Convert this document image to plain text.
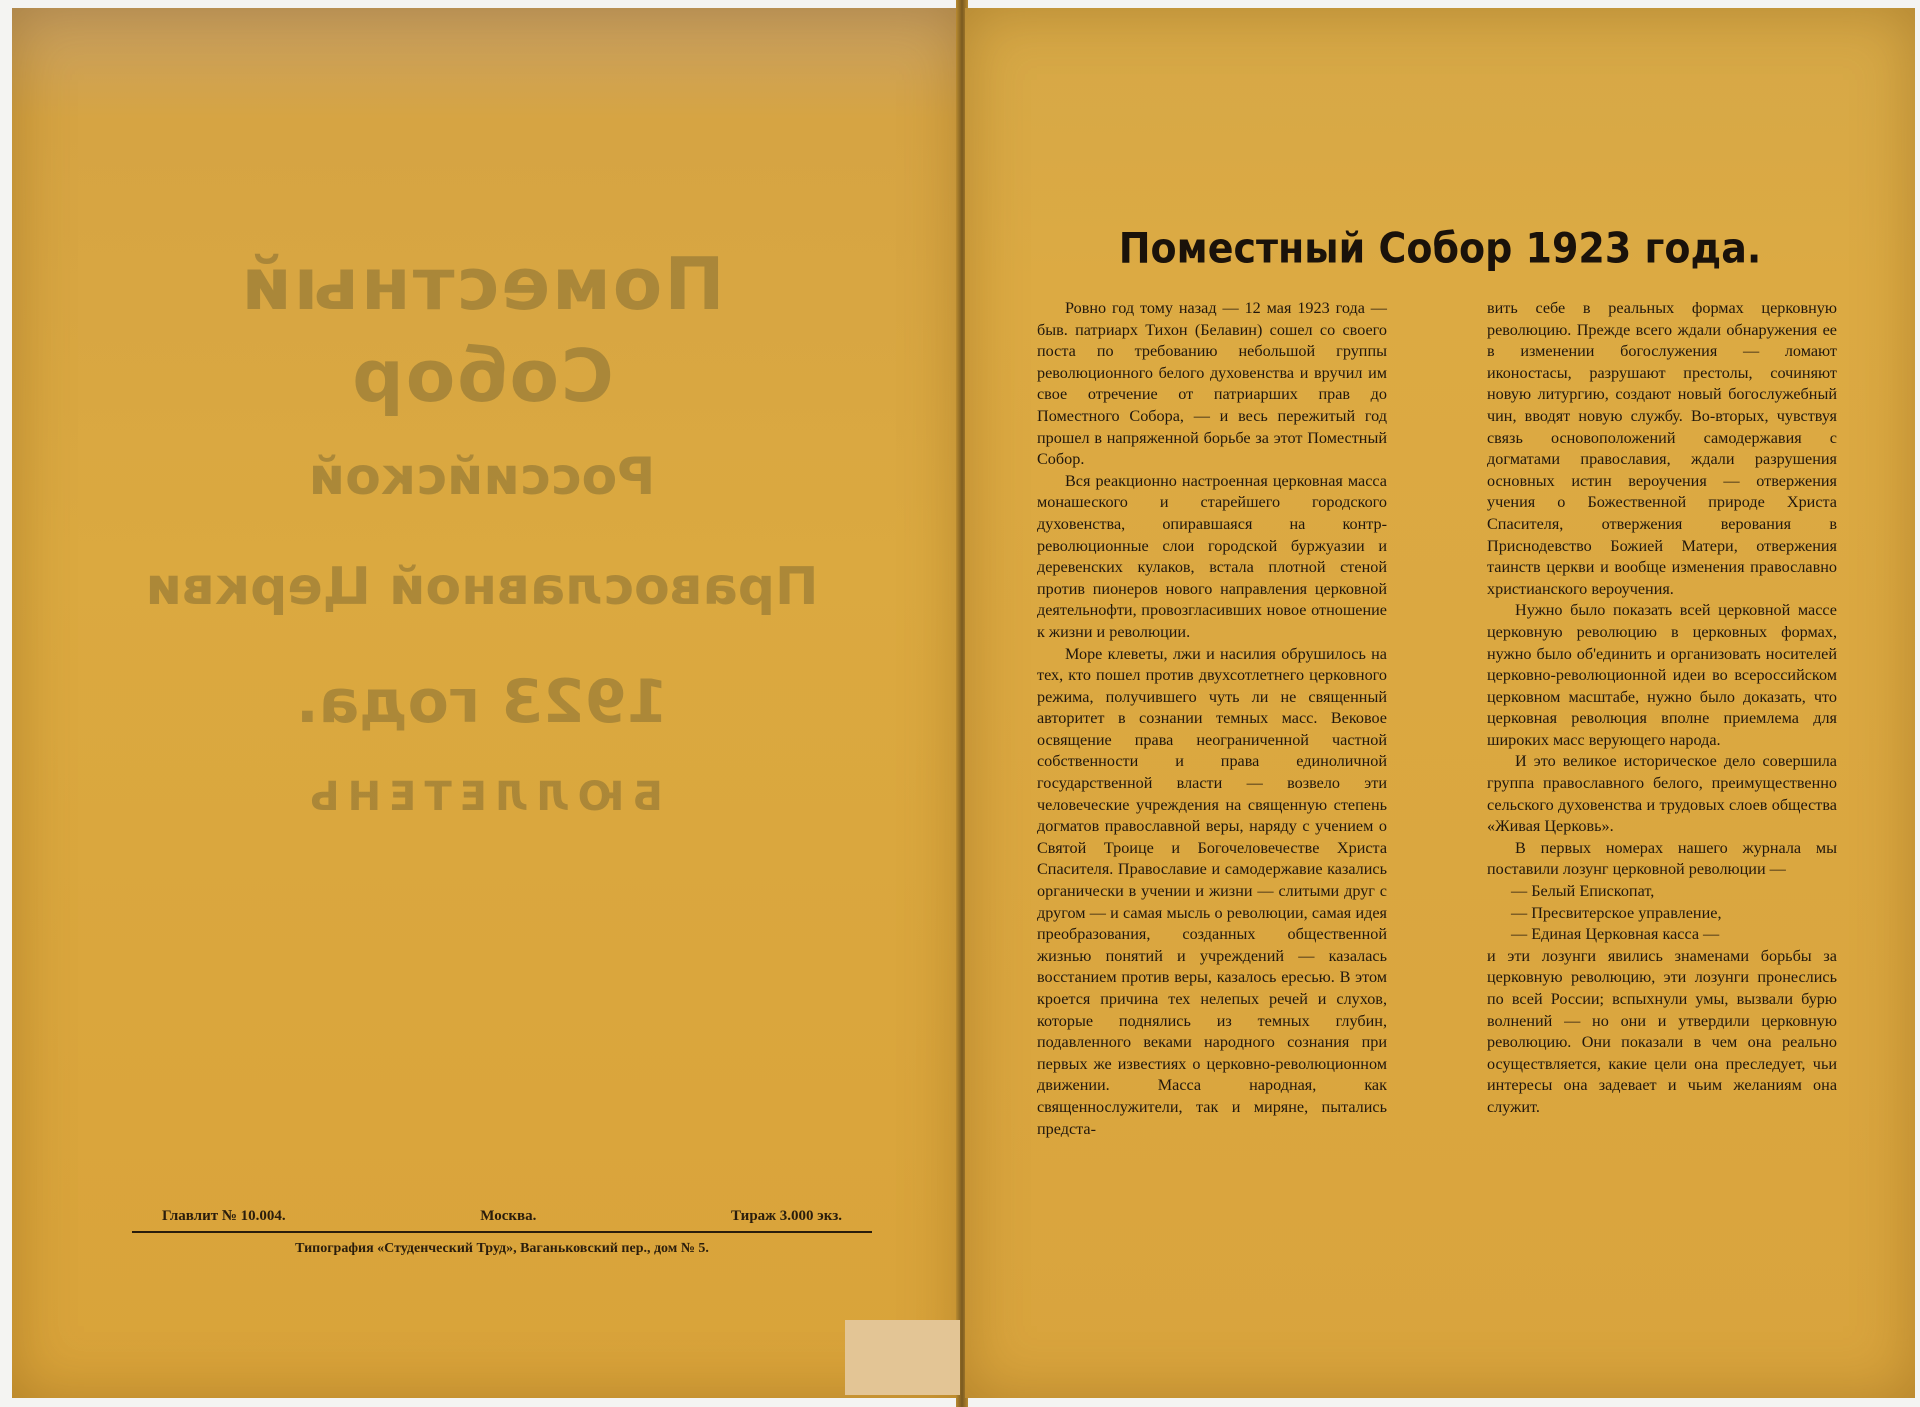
Поместный Собор
Российской Православной Церкви
1923 года.
БЮЛЛЕТЕНЬ
Главлит № 10.004.	Москва.	Тираж 3.000 экз.
Типография «Студенческий Труд», Ваганьковский пер., дом № 5.
Поместный Собор 1923 года.

Ровно год тому назад — 12 мая 1923 года — быв. патриарх Тихон (Белавин) сошел со своего поста по требованию небольшой группы революционного белого духовенства и вручил им свое отречение от патриарших прав до Поместного Собора, — и весь пережитый год прошел в напряженной борьбе за этот Поместный Собор.

Вся реакционно настроенная церковная масса монашеского и старейшего городского духовенства, опиравшаяся на контр-революционные слои городской буржуазии и деревенских кулаков, встала плотной стеной против пионеров нового направления церковной деятельнофти, провозгласивших новое отношение к жизни и революции.

Море клеветы, лжи и насилия обрушилось на тех, кто пошел против двухсотлетнего церковного режима, получившего чуть ли не священный авторитет в сознании темных масс. Вековое освящение права неограниченной частной собственности и права единоличной государственной власти — возвело эти человеческие учреждения на священную степень догматов православной веры, наряду с учением о Святой Троице и Богочеловечестве Христа Спасителя. Православие и самодержавие казались органически в учении и жизни — слитыми друг с другом — и самая мысль о революции, самая идея преобразования, созданных общественной жизнью понятий и учреждений — казалась восстанием против веры, казалось ересью. В этом кроется причина тех нелепых речей и слухов, которые поднялись из темных глубин, подавленного веками народного сознания при первых же известиях о церковно-революционном движении. Масса народная, как священнослужители, так и миряне, пытались предста-

вить себе в реальных формах церковную революцию. Прежде всего ждали обнаружения ее в изменении богослужения — ломают иконостасы, разрушают престолы, сочиняют новую литургию, создают новый богослужебный чин, вводят новую службу. Во-вторых, чувствуя связь основоположений самодержавия с догматами православия, ждали разрушения основных истин вероучения — отвержения учения о Божественной природе Христа Спасителя, отвержения верования в Приснодевство Божией Матери, отвержения таинств церкви и вообще изменения православно христианского вероучения.

Нужно было показать всей церковной массе церковную революцию в церковных формах, нужно было об'единить и организовать носителей церковно-революционной идеи во всероссийском церковном масштабе, нужно было доказать, что церковная революция вполне приемлема для широких масс верующего народа.

И это великое историческое дело совершила группа православного белого, преимущественно сельского духовенства и трудовых слоев общества «Живая Церковь».

В первых номерах нашего журнала мы поставили лозунг церковной революции —

— Белый Епископат,

— Пресвитерское управление,

— Единая Церковная касса —

и эти лозунги явились знаменами борьбы за церковную революцию, эти лозунги пронеслись по всей России; вспыхнули умы, вызвали бурю волнений — но они и утвердили церковную революцию. Они показали в чем она реально осуществляется, какие цели она преследует, чьи интересы она задевает и чьим желаниям она служит.
